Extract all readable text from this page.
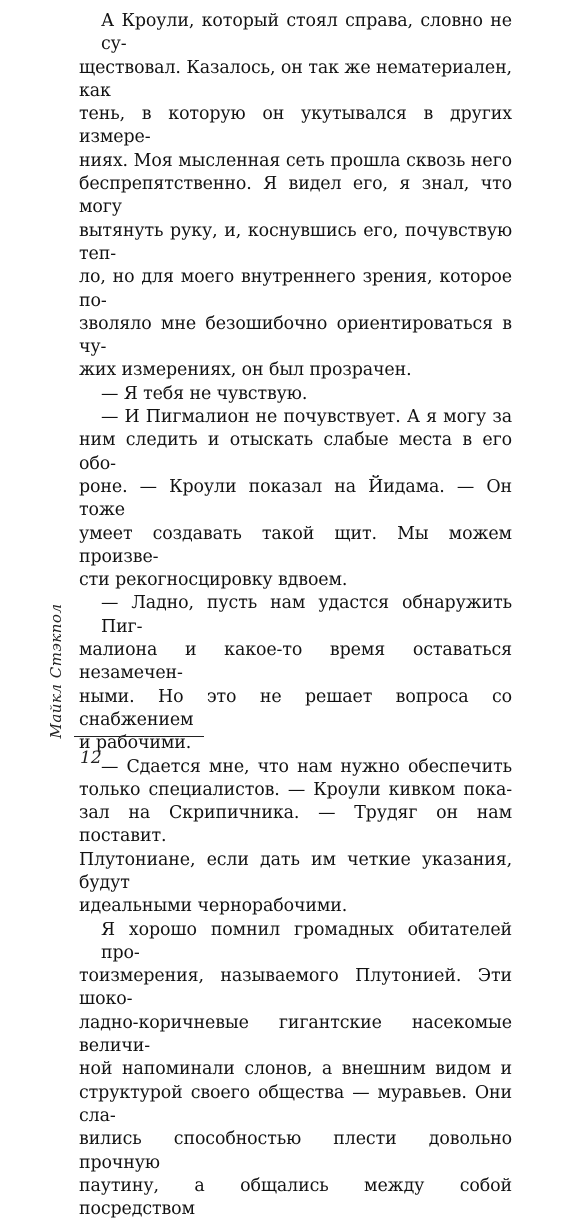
А Кроули, который стоял справа, словно не су-
ществовал. Казалось, он так же нематериален, как
тень, в которую он укутывался в других измере-
ниях. Моя мысленная сеть прошла сквозь него
беспрепятственно. Я видел его, я знал, что могу
вытянуть руку, и, коснувшись его, почувствую теп-
ло, но для моего внутреннего зрения, которое по-
зволяло мне безошибочно ориентироваться в чу-
жих измерениях, он был прозрачен.
— Я тебя не чувствую.
— И Пигмалион не почувствует. А я могу за
ним следить и отыскать слабые места в его обо-
роне. — Кроули показал на Йидама. — Он тоже
умеет создавать такой щит. Мы можем произве-
сти рекогносцировку вдвоем.
— Ладно, пусть нам удастся обнаружить Пиг-
малиона и какое-то время оставаться незамечен-
ными. Но это не решает вопроса со снабжением
и рабочими.
— Сдается мне, что нам нужно обеспечить
только специалистов. — Кроули кивком пока-
зал на Скрипичника. — Трудяг он нам поставит.
Плутониане, если дать им четкие указания, будут
идеальными чернорабочими.
Я хорошо помнил громадных обитателей про-
тоизмерения, называемого Плутонией. Эти шоко-
ладно-коричневые гигантские насекомые величи-
ной напоминали слонов, а внешним видом и
структурой своего общества — муравьев. Они сла-
вились способностью плести довольно прочную
паутину, а общались между собой посредством
Майкл Стэкпол
12
